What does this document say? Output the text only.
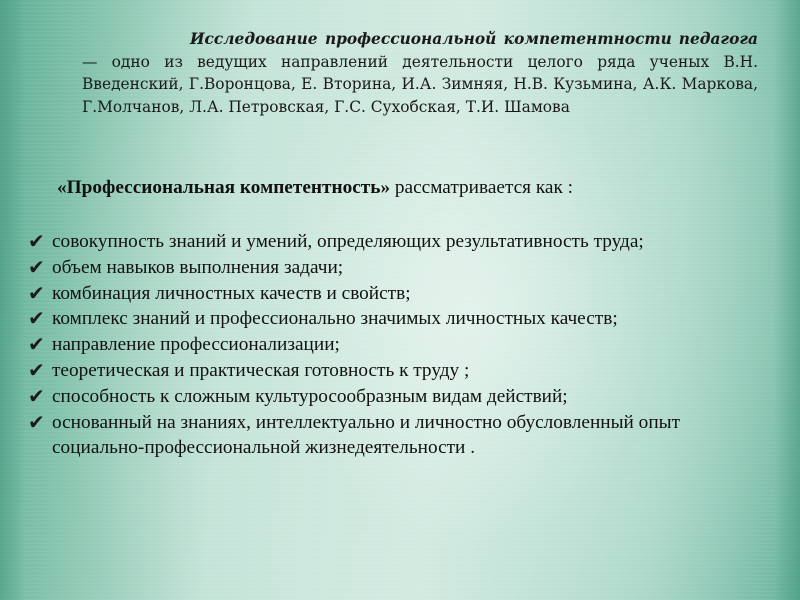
Исследование профессиональной компетентности педагога — одно из ведущих направлений деятельности целого ряда ученых В.Н. Введенский, Г.Воронцова, Е. Вторина, И.А. Зимняя, Н.В. Кузьмина, А.К. Маркова, Г.Молчанов, Л.А. Петровская, Г.С. Сухобская, Т.И. Шамова
«Профессиональная компетентность» рассматривается как :
✔ совокупность знаний и умений, определяющих результативность труда;
✔ объем навыков выполнения задачи;
✔ комбинация личностных качеств и свойств;
✔ комплекс знаний и профессионально значимых личностных качеств;
✔ направление профессионализации;
✔ теоретическая и практическая готовность к труду ;
✔ способность к сложным культуросообразным видам действий;
✔ основанный на знаниях, интеллектуально и личностно обусловленный опыт социально-профессиональной жизнедеятельности .
